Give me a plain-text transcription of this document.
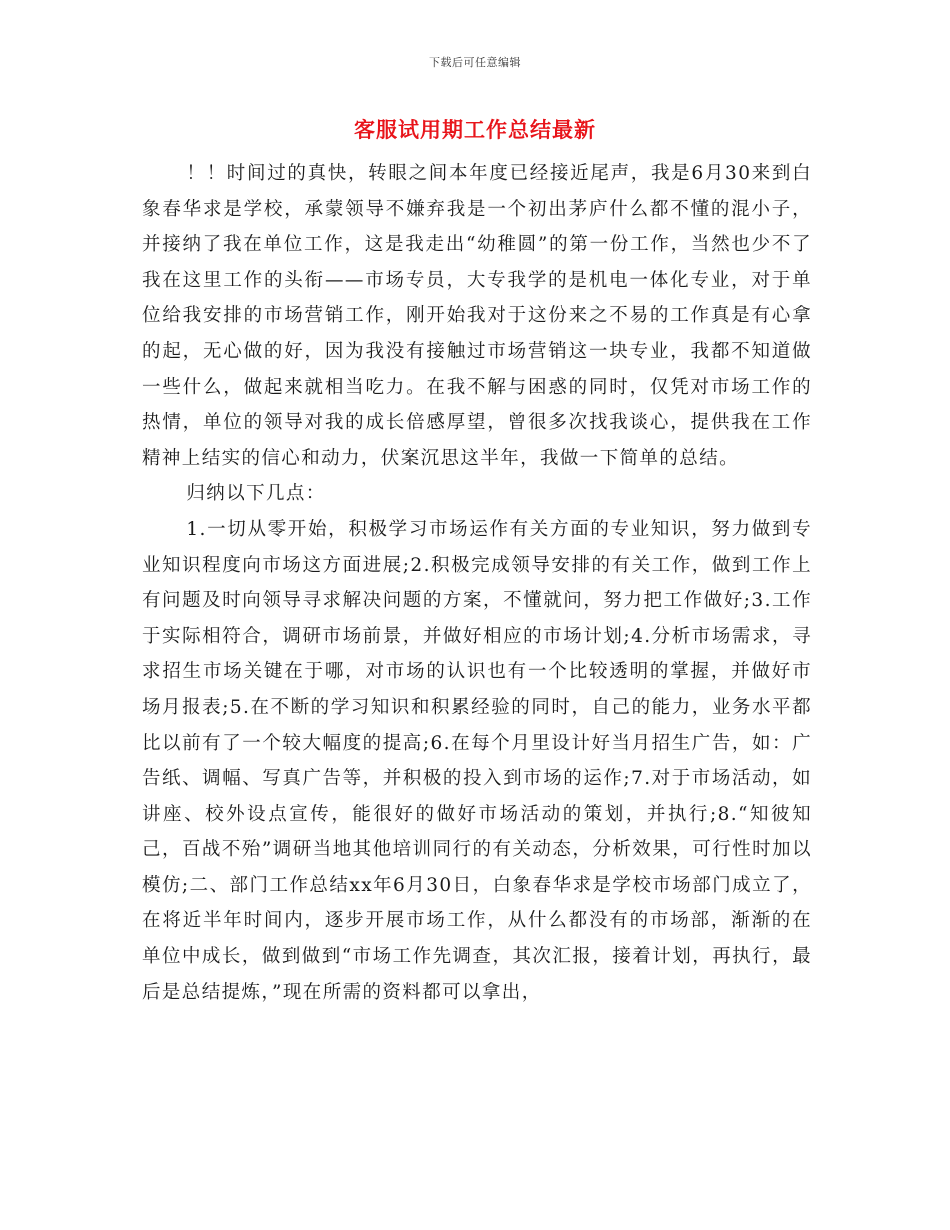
下载后可任意编辑
客服试用期工作总结最新

！！时间过的真快，转眼之间本年度已经接近尾声，我是6月30来到白象春华求是学校，承蒙领导不嫌弃我是一个初出茅庐什么都不懂的混小子，并接纳了我在单位工作，这是我走出“幼稚圆”的第一份工作，当然也少不了我在这里工作的头衔——市场专员，大专我学的是机电一体化专业，对于单位给我安排的市场营销工作，刚开始我对于这份来之不易的工作真是有心拿的起，无心做的好，因为我没有接触过市场营销这一块专业，我都不知道做一些什么，做起来就相当吃力。在我不解与困惑的同时，仅凭对市场工作的热情，单位的领导对我的成长倍感厚望，曾很多次找我谈心，提供我在工作精神上结实的信心和动力，伏案沉思这半年，我做一下简单的总结。

归纳以下几点：

1.一切从零开始，积极学习市场运作有关方面的专业知识，努力做到专业知识程度向市场这方面进展;2.积极完成领导安排的有关工作，做到工作上有问题及时向领导寻求解决问题的方案，不懂就问，努力把工作做好;3.工作于实际相符合，调研市场前景，并做好相应的市场计划;4.分析市场需求，寻求招生市场关键在于哪，对市场的认识也有一个比较透明的掌握，并做好市场月报表;5.在不断的学习知识和积累经验的同时，自己的能力，业务水平都比以前有了一个较大幅度的提高;6.在每个月里设计好当月招生广告，如：广告纸、调幅、写真广告等，并积极的投入到市场的运作;7.对于市场活动，如讲座、校外设点宣传，能很好的做好市场活动的策划，并执行;8.“知彼知己，百战不殆”调研当地其他培训同行的有关动态，分析效果，可行性时加以模仿;二、部门工作总结xx年6月30日，白象春华求是学校市场部门成立了，在将近半年时间内，逐步开展市场工作，从什么都没有的市场部，渐渐的在单位中成长，做到做到“市场工作先调查，其次汇报，接着计划，再执行，最后是总结提炼，”现在所需的资料都可以拿出，
